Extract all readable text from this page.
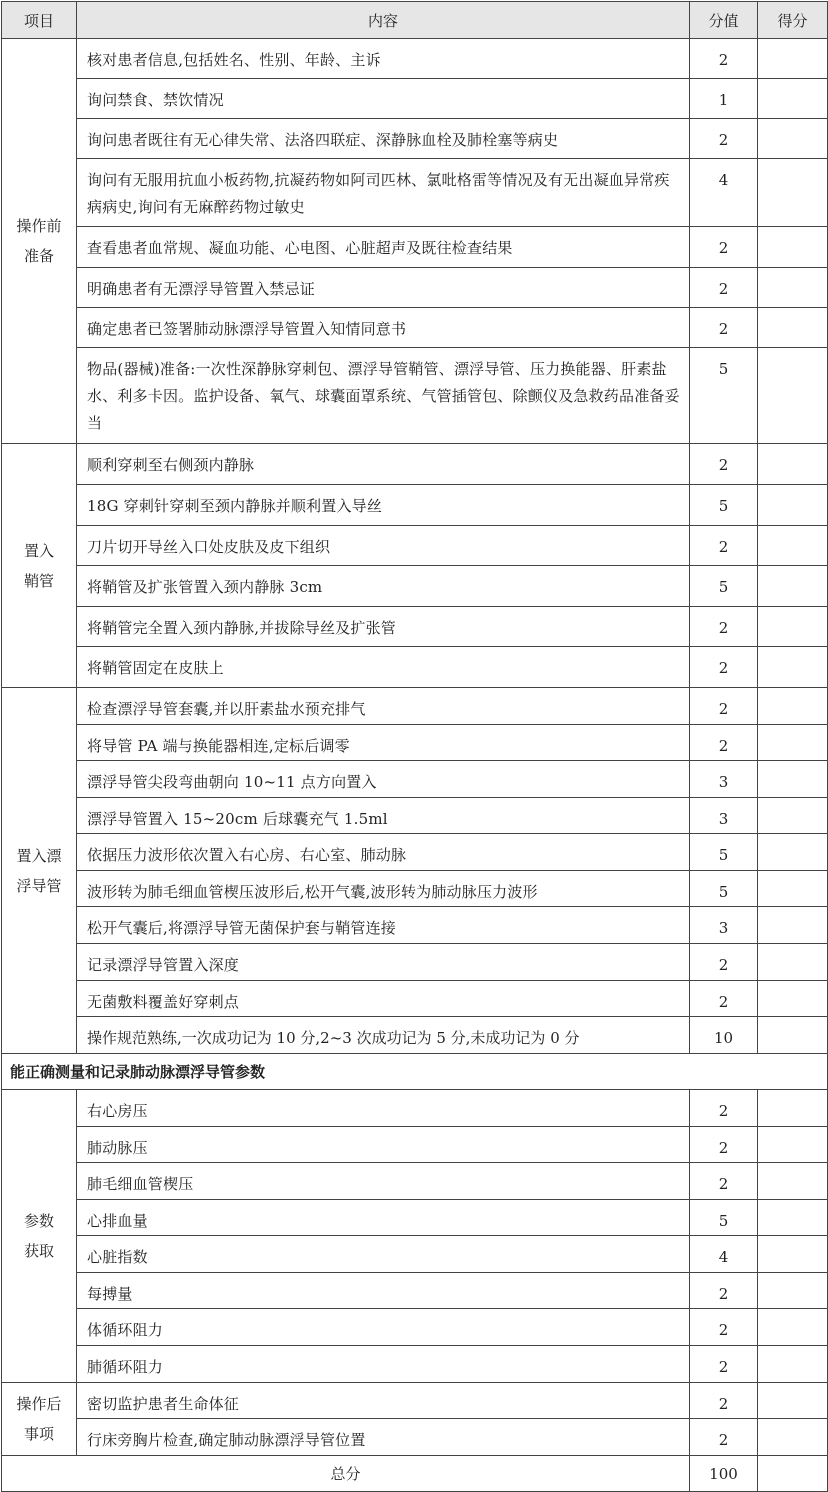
项目	内容	分值	得分
操作前
准备	核对患者信息,包括姓名、性别、年龄、主诉	2	
	询问禁食、禁饮情况	1	
	询问患者既往有无心律失常、法洛四联症、深静脉血栓及肺栓塞等病史	2	
	询问有无服用抗血小板药物,抗凝药物如阿司匹林、氯吡格雷等情况及有无出凝血异常疾病病史,询问有无麻醉药物过敏史	4	
	查看患者血常规、凝血功能、心电图、心脏超声及既往检查结果	2	
	明确患者有无漂浮导管置入禁忌证	2	
	确定患者已签署肺动脉漂浮导管置入知情同意书	2	
	物品(器械)准备:一次性深静脉穿刺包、漂浮导管鞘管、漂浮导管、压力换能器、肝素盐水、利多卡因。监护设备、氧气、球囊面罩系统、气管插管包、除颤仪及急救药品准备妥当	5	
置入
鞘管	顺利穿刺至右侧颈内静脉	2	
	18G 穿刺针穿刺至颈内静脉并顺利置入导丝	5	
	刀片切开导丝入口处皮肤及皮下组织	2	
	将鞘管及扩张管置入颈内静脉 3cm	5	
	将鞘管完全置入颈内静脉,并拔除导丝及扩张管	2	
	将鞘管固定在皮肤上	2	
置入漂
浮导管	检查漂浮导管套囊,并以肝素盐水预充排气	2	
	将导管 PA 端与换能器相连,定标后调零	2	
	漂浮导管尖段弯曲朝向 10~11 点方向置入	3	
	漂浮导管置入 15~20cm 后球囊充气 1.5ml	3	
	依据压力波形依次置入右心房、右心室、肺动脉	5	
	波形转为肺毛细血管楔压波形后,松开气囊,波形转为肺动脉压力波形	5	
	松开气囊后,将漂浮导管无菌保护套与鞘管连接	3	
	记录漂浮导管置入深度	2	
	无菌敷料覆盖好穿刺点	2	
	操作规范熟练,一次成功记为 10 分,2~3 次成功记为 5 分,未成功记为 0 分	10	
能正确测量和记录肺动脉漂浮导管参数			
参数
获取	右心房压	2	
	肺动脉压	2	
	肺毛细血管楔压	2	
	心排血量	5	
	心脏指数	4	
	每搏量	2	
	体循环阻力	2	
	肺循环阻力	2	
操作后
事项	密切监护患者生命体征	2	
	行床旁胸片检查,确定肺动脉漂浮导管位置	2	
总分		100	
